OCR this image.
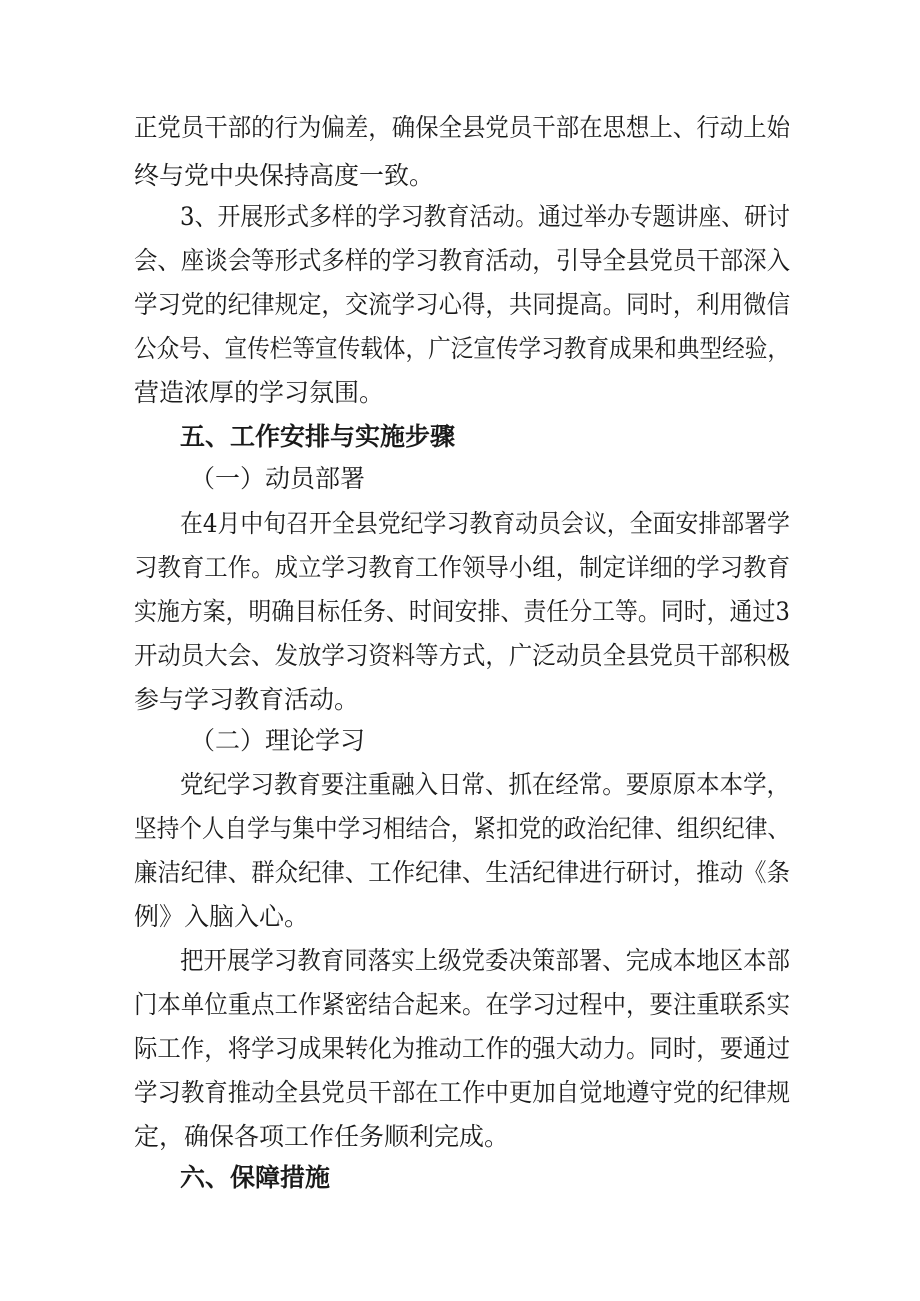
正党员干部的行为偏差，确保全县党员干部在思想上、行动上始
终与党中央保持高度一致。
3、开展形式多样的学习教育活动。通过举办专题讲座、研讨
会、座谈会等形式多样的学习教育活动，引导全县党员干部深入
学习党的纪律规定，交流学习心得，共同提高。同时，利用微信
公众号、宣传栏等宣传载体，广泛宣传学习教育成果和典型经验，
营造浓厚的学习氛围。
五、工作安排与实施步骤
（一）动员部署
在4月中旬召开全县党纪学习教育动员会议，全面安排部署学
习教育工作。成立学习教育工作领导小组，制定详细的学习教育
实施方案，明确目标任务、时间安排、责任分工等。同时，通过3
开动员大会、发放学习资料等方式，广泛动员全县党员干部积极
参与学习教育活动。
（二）理论学习
党纪学习教育要注重融入日常、抓在经常。要原原本本学，
坚持个人自学与集中学习相结合，紧扣党的政治纪律、组织纪律、
廉洁纪律、群众纪律、工作纪律、生活纪律进行研讨，推动《条
例》入脑入心。
把开展学习教育同落实上级党委决策部署、完成本地区本部
门本单位重点工作紧密结合起来。在学习过程中，要注重联系实
际工作，将学习成果转化为推动工作的强大动力。同时，要通过
学习教育推动全县党员干部在工作中更加自觉地遵守党的纪律规
定，确保各项工作任务顺利完成。
六、保障措施
